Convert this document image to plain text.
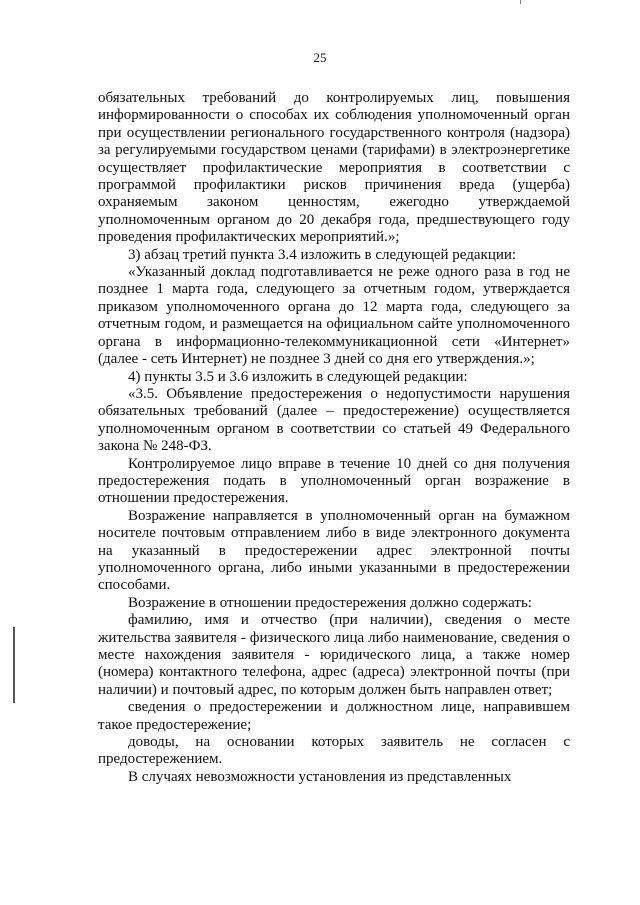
25

обязательных требований до контролируемых лиц, повышения информированности о способах их соблюдения уполномоченный орган при осуществлении регионального государственного контроля (надзора) за регулируемыми государством ценами (тарифами) в электроэнергетике осуществляет профилактические мероприятия в соответствии с программой профилактики рисков причинения вреда (ущерба) охраняемым законом ценностям, ежегодно утверждаемой уполномоченным органом до 20 декабря года, предшествующего году проведения профилактических мероприятий.»;

3) абзац третий пункта 3.4 изложить в следующей редакции:

«Указанный доклад подготавливается не реже одного раза в год не позднее 1 марта года, следующего за отчетным годом, утверждается приказом уполномоченного органа до 12 марта года, следующего за отчетным годом, и размещается на официальном сайте уполномоченного органа в информационно-телекоммуникационной сети «Интернет» (далее - сеть Интернет) не позднее 3 дней со дня его утверждения.»;

4) пункты 3.5 и 3.6 изложить в следующей редакции:

«3.5. Объявление предостережения о недопустимости нарушения обязательных требований (далее – предостережение) осуществляется уполномоченным органом в соответствии со статьей 49 Федерального закона № 248-ФЗ.

Контролируемое лицо вправе в течение 10 дней со дня получения предостережения подать в уполномоченный орган возражение в отношении предостережения.

Возражение направляется в уполномоченный орган на бумажном носителе почтовым отправлением либо в виде электронного документа на указанный в предостережении адрес электронной почты уполномоченного органа, либо иными указанными в предостережении способами.

Возражение в отношении предостережения должно содержать:

фамилию, имя и отчество (при наличии), сведения о месте жительства заявителя - физического лица либо наименование, сведения о месте нахождения заявителя - юридического лица, а также номер (номера) контактного телефона, адрес (адреса) электронной почты (при наличии) и почтовый адрес, по которым должен быть направлен ответ;

сведения о предостережении и должностном лице, направившем такое предостережение;

доводы, на основании которых заявитель не согласен с предостережением.

В случаях невозможности установления из представленных
